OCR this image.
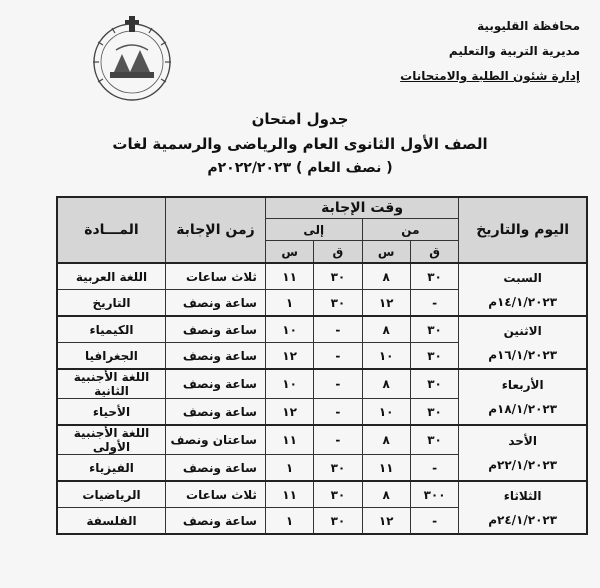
محافظة القليوبية
مديرية التربية والتعليم
إدارة شئون الطلبة والامتحانات
جدول امتحان
الصف الأول الثانوى العام والرياضى والرسمية لغات
( نصف العام ) ٢٠٢٢/٢٠٢٣م
اليوم والتاريخ	وقت الإجابة				زمن الإجابة	المـــادة
	من		إلى			
	ق	س	ق	س		

السبت
١٤/١/٢٠٢٣م	٣٠	٨	٣٠	١١	ثلاث ساعات	اللغة العربية
	-	١٢	٣٠	١	ساعة ونصف	التاريخ

الاثنين
١٦/١/٢٠٢٣م	٣٠	٨	-	١٠	ساعة ونصف	الكيمياء
	٣٠	١٠	-	١٢	ساعة ونصف	الجغرافيا

الأربعاء
١٨/١/٢٠٢٣م	٣٠	٨	-	١٠	ساعة ونصف	اللغة الأجنبية الثانية
	٣٠	١٠	-	١٢	ساعة ونصف	الأحياء

الأحد
٢٢/١/٢٠٢٣م	٣٠	٨	-	١١	ساعتان ونصف	اللغة الأجنبية الأولى
	-	١١	٣٠	١	ساعة ونصف	الفيزياء

الثلاثاء
٢٤/١/٢٠٢٣م	٣٠٠	٨	٣٠	١١	ثلاث ساعات	الرياضيات
	-	١٢	٣٠	١	ساعة ونصف	الفلسفة
